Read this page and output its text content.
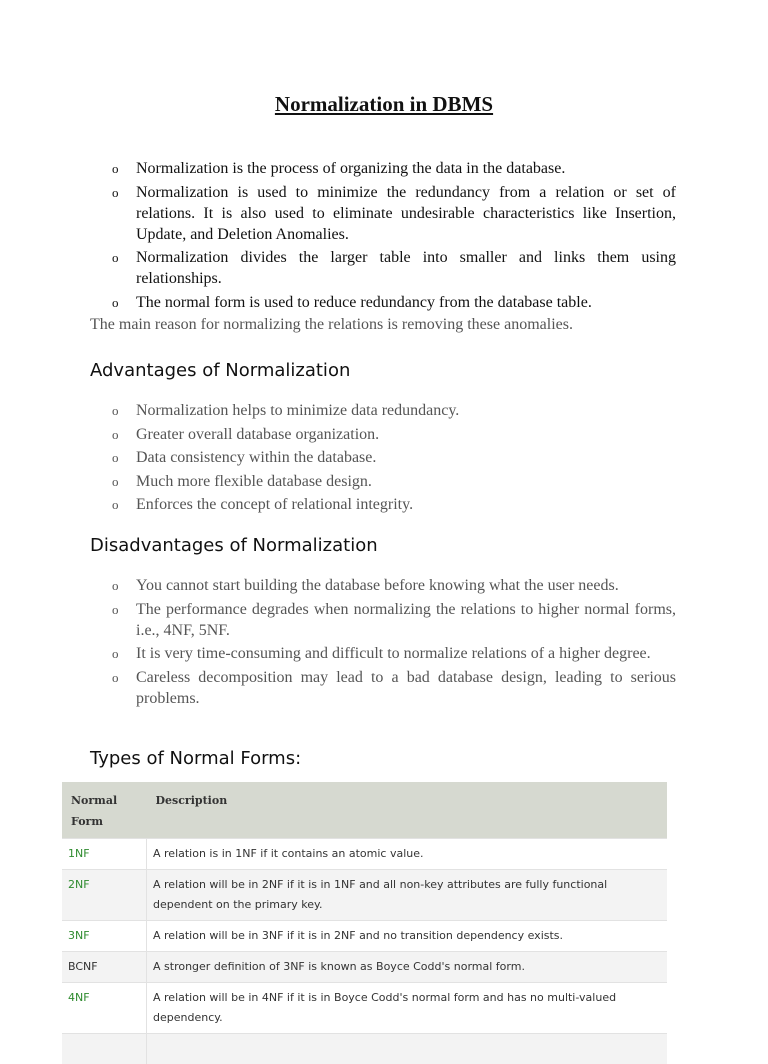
Normalization in DBMS
o Normalization is the process of organizing the data in the database.
o Normalization is used to minimize the redundancy from a relation or set of relations. It is also used to eliminate undesirable characteristics like Insertion, Update, and Deletion Anomalies.
o Normalization divides the larger table into smaller and links them using relationships.
o The normal form is used to reduce redundancy from the database table.
The main reason for normalizing the relations is removing these anomalies.
Advantages of Normalization
o Normalization helps to minimize data redundancy.
o Greater overall database organization.
o Data consistency within the database.
o Much more flexible database design.
o Enforces the concept of relational integrity.
Disadvantages of Normalization
o You cannot start building the database before knowing what the user needs.
o The performance degrades when normalizing the relations to higher normal forms, i.e., 4NF, 5NF.
o It is very time-consuming and difficult to normalize relations of a higher degree.
o Careless decomposition may lead to a bad database design, leading to serious problems.
Types of Normal Forms:
Normal Form	Description
1NF	A relation is in 1NF if it contains an atomic value.
2NF	A relation will be in 2NF if it is in 1NF and all non-key attributes are fully functional dependent on the primary key.
3NF	A relation will be in 3NF if it is in 2NF and no transition dependency exists.
BCNF	A stronger definition of 3NF is known as Boyce Codd's normal form.
4NF	A relation will be in 4NF if it is in Boyce Codd's normal form and has no multi-valued dependency.
